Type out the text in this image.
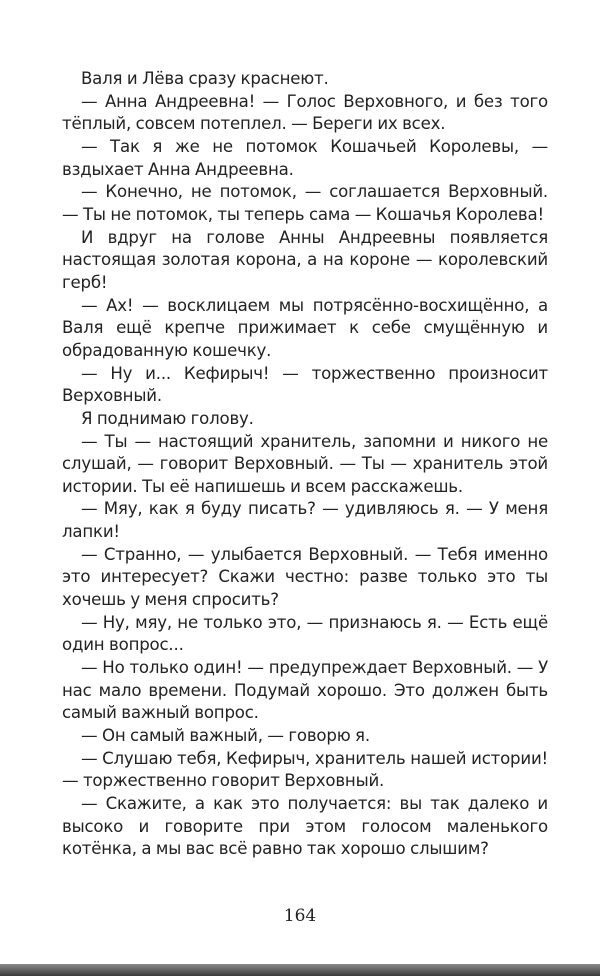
Валя и Лёва сразу краснеют.

— Анна Андреевна! — Голос Верховного, и без того тёплый, совсем потеплел. — Береги их всех.

— Так я же не потомок Кошачьей Королевы, — вздыхает Анна Андреевна.

— Конечно, не потомок, — соглашается Верховный. — Ты не потомок, ты теперь сама — Кошачья Королева!

И вдруг на голове Анны Андреевны появляется настоящая золотая корона, а на короне — королевский герб!

— Ах! — восклицаем мы потрясённо-восхищённо, а Валя ещё крепче прижимает к себе смущённую и обрадованную кошечку.

— Ну и... Кефирыч! — торжественно произносит Верховный.

Я поднимаю голову.

— Ты — настоящий хранитель, запомни и никого не слушай, — говорит Верховный. — Ты — хранитель этой истории. Ты её напишешь и всем расскажешь.

— Мяу, как я буду писать? — удивляюсь я. — У меня лапки!

— Странно, — улыбается Верховный. — Тебя именно это интересует? Скажи честно: разве только это ты хочешь у меня спросить?

— Ну, мяу, не только это, — признаюсь я. — Есть ещё один вопрос...

— Но только один! — предупреждает Верховный. — У нас мало времени. Подумай хорошо. Это должен быть самый важный вопрос.

— Он самый важный, — говорю я.

— Слушаю тебя, Кефирыч, хранитель нашей истории! — торжественно говорит Верховный.

— Скажите, а как это получается: вы так далеко и высоко и говорите при этом голосом маленького котёнка, а мы вас всё равно так хорошо слышим?

164
